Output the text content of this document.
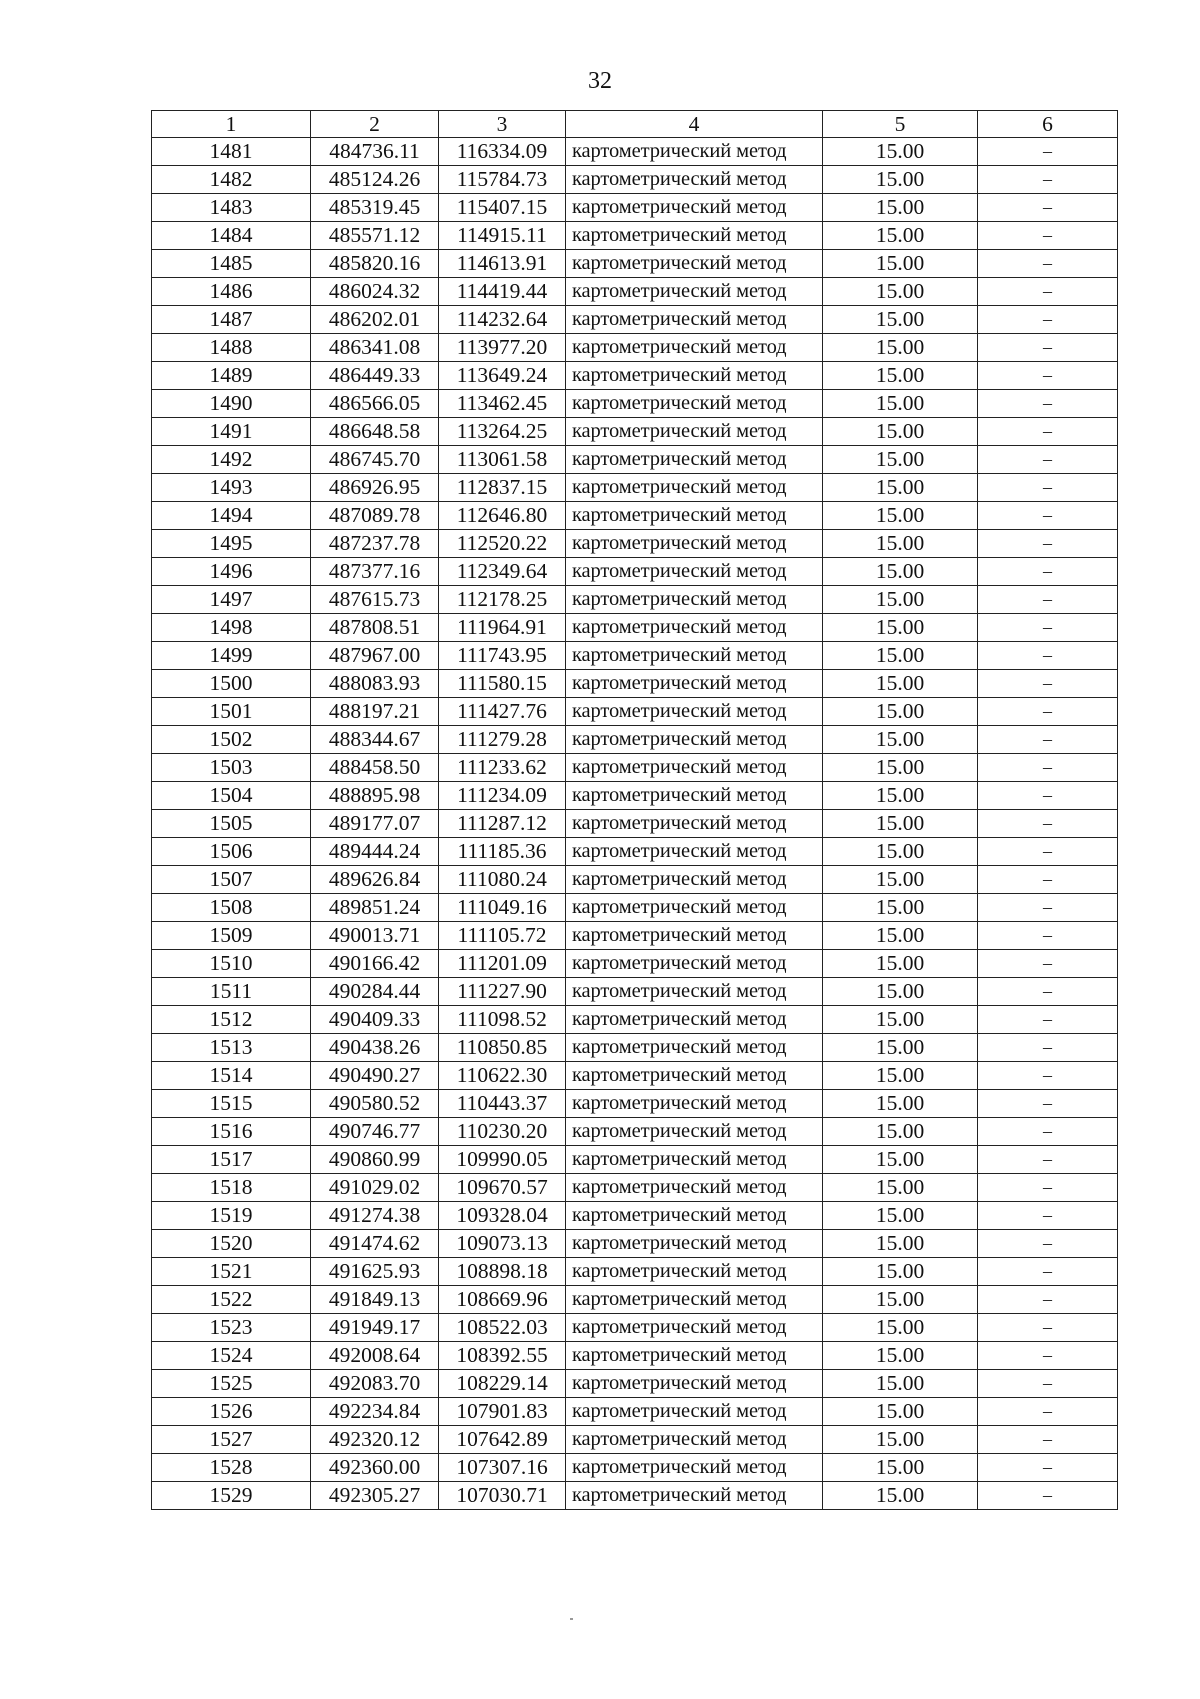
32
1	2	3	4	5	6
1481	484736.11	116334.09	картометрический метод	15.00	–
1482	485124.26	115784.73	картометрический метод	15.00	–
1483	485319.45	115407.15	картометрический метод	15.00	–
1484	485571.12	114915.11	картометрический метод	15.00	–
1485	485820.16	114613.91	картометрический метод	15.00	–
1486	486024.32	114419.44	картометрический метод	15.00	–
1487	486202.01	114232.64	картометрический метод	15.00	–
1488	486341.08	113977.20	картометрический метод	15.00	–
1489	486449.33	113649.24	картометрический метод	15.00	–
1490	486566.05	113462.45	картометрический метод	15.00	–
1491	486648.58	113264.25	картометрический метод	15.00	–
1492	486745.70	113061.58	картометрический метод	15.00	–
1493	486926.95	112837.15	картометрический метод	15.00	–
1494	487089.78	112646.80	картометрический метод	15.00	–
1495	487237.78	112520.22	картометрический метод	15.00	–
1496	487377.16	112349.64	картометрический метод	15.00	–
1497	487615.73	112178.25	картометрический метод	15.00	–
1498	487808.51	111964.91	картометрический метод	15.00	–
1499	487967.00	111743.95	картометрический метод	15.00	–
1500	488083.93	111580.15	картометрический метод	15.00	–
1501	488197.21	111427.76	картометрический метод	15.00	–
1502	488344.67	111279.28	картометрический метод	15.00	–
1503	488458.50	111233.62	картометрический метод	15.00	–
1504	488895.98	111234.09	картометрический метод	15.00	–
1505	489177.07	111287.12	картометрический метод	15.00	–
1506	489444.24	111185.36	картометрический метод	15.00	–
1507	489626.84	111080.24	картометрический метод	15.00	–
1508	489851.24	111049.16	картометрический метод	15.00	–
1509	490013.71	111105.72	картометрический метод	15.00	–
1510	490166.42	111201.09	картометрический метод	15.00	–
1511	490284.44	111227.90	картометрический метод	15.00	–
1512	490409.33	111098.52	картометрический метод	15.00	–
1513	490438.26	110850.85	картометрический метод	15.00	–
1514	490490.27	110622.30	картометрический метод	15.00	–
1515	490580.52	110443.37	картометрический метод	15.00	–
1516	490746.77	110230.20	картометрический метод	15.00	–
1517	490860.99	109990.05	картометрический метод	15.00	–
1518	491029.02	109670.57	картометрический метод	15.00	–
1519	491274.38	109328.04	картометрический метод	15.00	–
1520	491474.62	109073.13	картометрический метод	15.00	–
1521	491625.93	108898.18	картометрический метод	15.00	–
1522	491849.13	108669.96	картометрический метод	15.00	–
1523	491949.17	108522.03	картометрический метод	15.00	–
1524	492008.64	108392.55	картометрический метод	15.00	–
1525	492083.70	108229.14	картометрический метод	15.00	–
1526	492234.84	107901.83	картометрический метод	15.00	–
1527	492320.12	107642.89	картометрический метод	15.00	–
1528	492360.00	107307.16	картометрический метод	15.00	–
1529	492305.27	107030.71	картометрический метод	15.00	–
